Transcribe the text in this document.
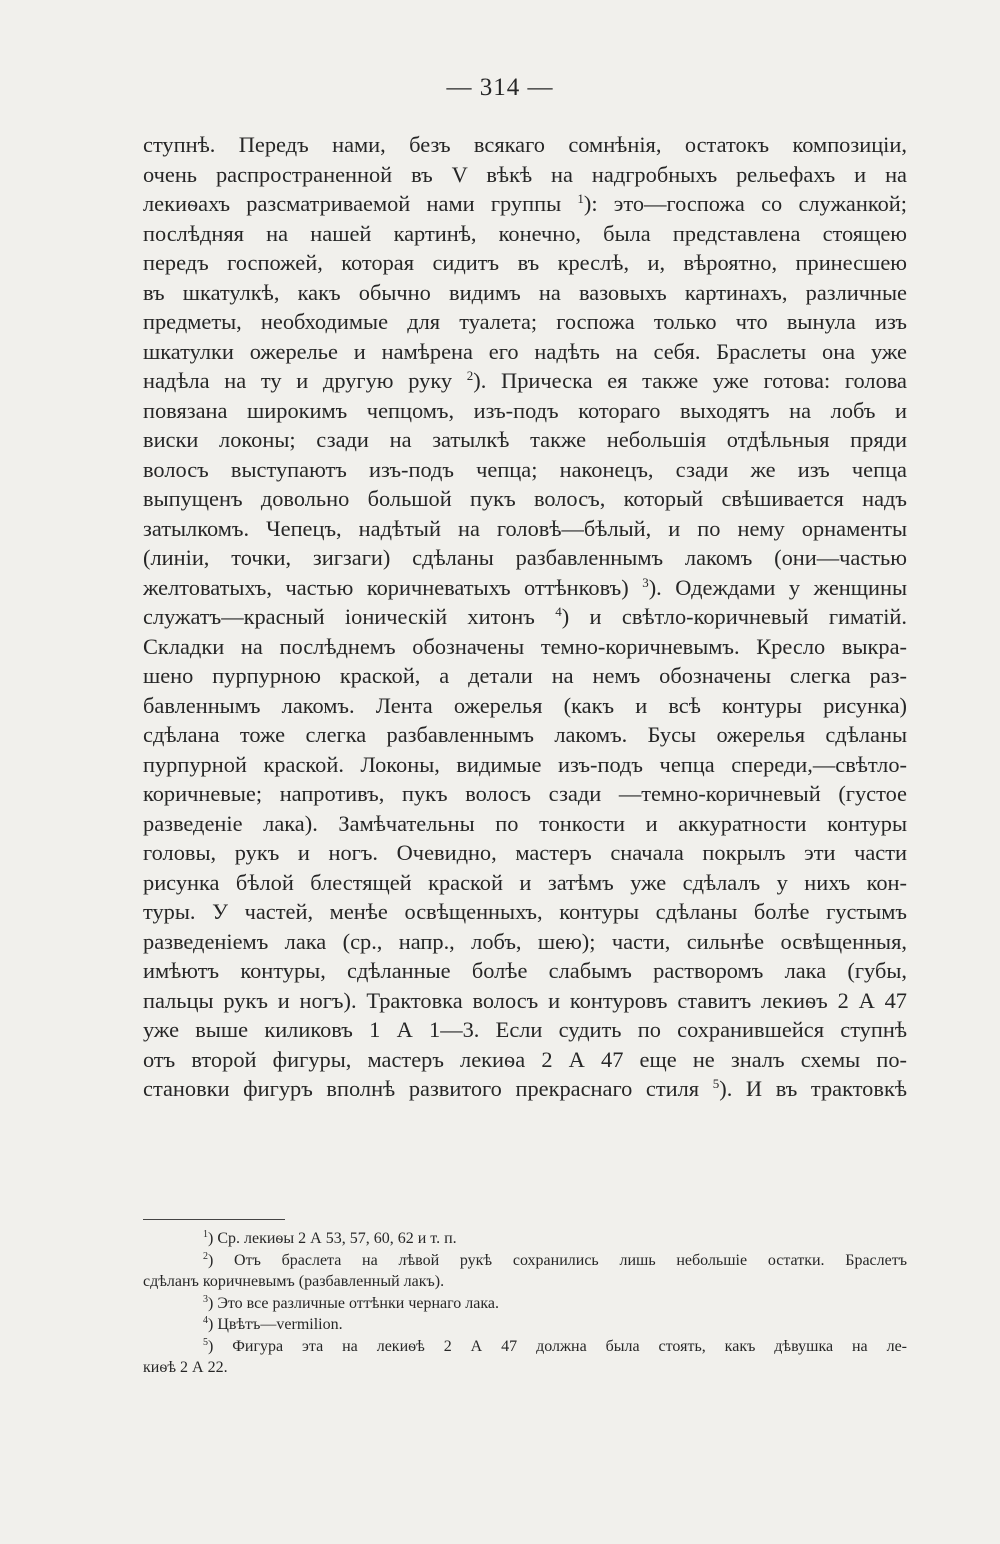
— 314 —
ступнѣ. Передъ нами, безъ всякаго сомнѣнія, остатокъ композиціи,
очень распространенной въ V вѣкѣ на надгробныхъ рельефахъ и на
лекиѳахъ разсматриваемой нами группы $^1$): это—госпожа со служанкой;
послѣдняя на нашей картинѣ, конечно, была представлена стоящею
передъ госпожей, которая сидитъ въ креслѣ, и, вѣроятно, принесшею
въ шкатулкѣ, какъ обычно видимъ на вазовыхъ картинахъ, различные
предметы, необходимые для туалета; госпожа только что вынула изъ
шкатулки ожерелье и намѣрена его надѣть на себя. Браслеты она уже
надѣла на ту и другую руку $^2$). Прическа ея также уже готова: голова
повязана широкимъ чепцомъ, изъ-подъ котораго выходятъ на лобъ и
виски локоны; сзади на затылкѣ также небольшія отдѣльныя пряди
волосъ выступаютъ изъ-подъ чепца; наконецъ, сзади же изъ чепца
выпущенъ довольно большой пукъ волосъ, который свѣшивается надъ
затылкомъ. Чепецъ, надѣтый на головѣ—бѣлый, и по нему орнаменты
(линіи, точки, зигзаги) сдѣланы разбавленнымъ лакомъ (они—частью
желтоватыхъ, частью коричневатыхъ оттѣнковъ) $^3$). Одеждами у женщины
служатъ—красный іоническій хитонъ $^4$) и свѣтло-коричневый гиматій.
Складки на послѣднемъ обозначены темно-коричневымъ. Кресло выкра-
шено пурпурною краской, а детали на немъ обозначены слегка раз-
бавленнымъ лакомъ. Лента ожерелья (какъ и всѣ контуры рисунка)
сдѣлана тоже слегка разбавленнымъ лакомъ. Бусы ожерелья сдѣланы
пурпурной краской. Локоны, видимые изъ-подъ чепца спереди,—свѣтло-
коричневые; напротивъ, пукъ волосъ сзади —темно-коричневый (густое
разведеніе лака). Замѣчательны по тонкости и аккуратности контуры
головы, рукъ и ногъ. Очевидно, мастеръ сначала покрылъ эти части
рисунка бѣлой блестящей краской и затѣмъ уже сдѣлалъ у нихъ кон-
туры. У частей, менѣе освѣщенныхъ, контуры сдѣланы болѣе густымъ
разведеніемъ лака (ср., напр., лобъ, шею); части, сильнѣе освѣщенныя,
имѣютъ контуры, сдѣланные болѣе слабымъ растворомъ лака (губы,
пальцы рукъ и ногъ). Трактовка волосъ и контуровъ ставитъ лекиѳъ 2 А 47
уже выше киликовъ 1 А 1—3. Если судить по сохранившейся ступнѣ
отъ второй фигуры, мастеръ лекиѳа 2 А 47 еще не зналъ схемы по-
становки фигуръ вполнѣ развитого прекраснаго стиля $^5$). И въ трактовкѣ
$^1$) Ср. лекиѳы 2 А 53, 57, 60, 62 и т. п.
$^2$) Отъ браслета на лѣвой рукѣ сохранились лишь небольшіе остатки. Браслетъ
сдѣланъ коричневымъ (разбавленный лакъ).
$^3$) Это все различные оттѣнки чернаго лака.
$^4$) Цвѣтъ—vermilion.
$^5$) Фигура эта на лекиѳѣ 2 А 47 должна была стоять, какъ дѣвушка на ле-
киѳѣ 2 А 22.
